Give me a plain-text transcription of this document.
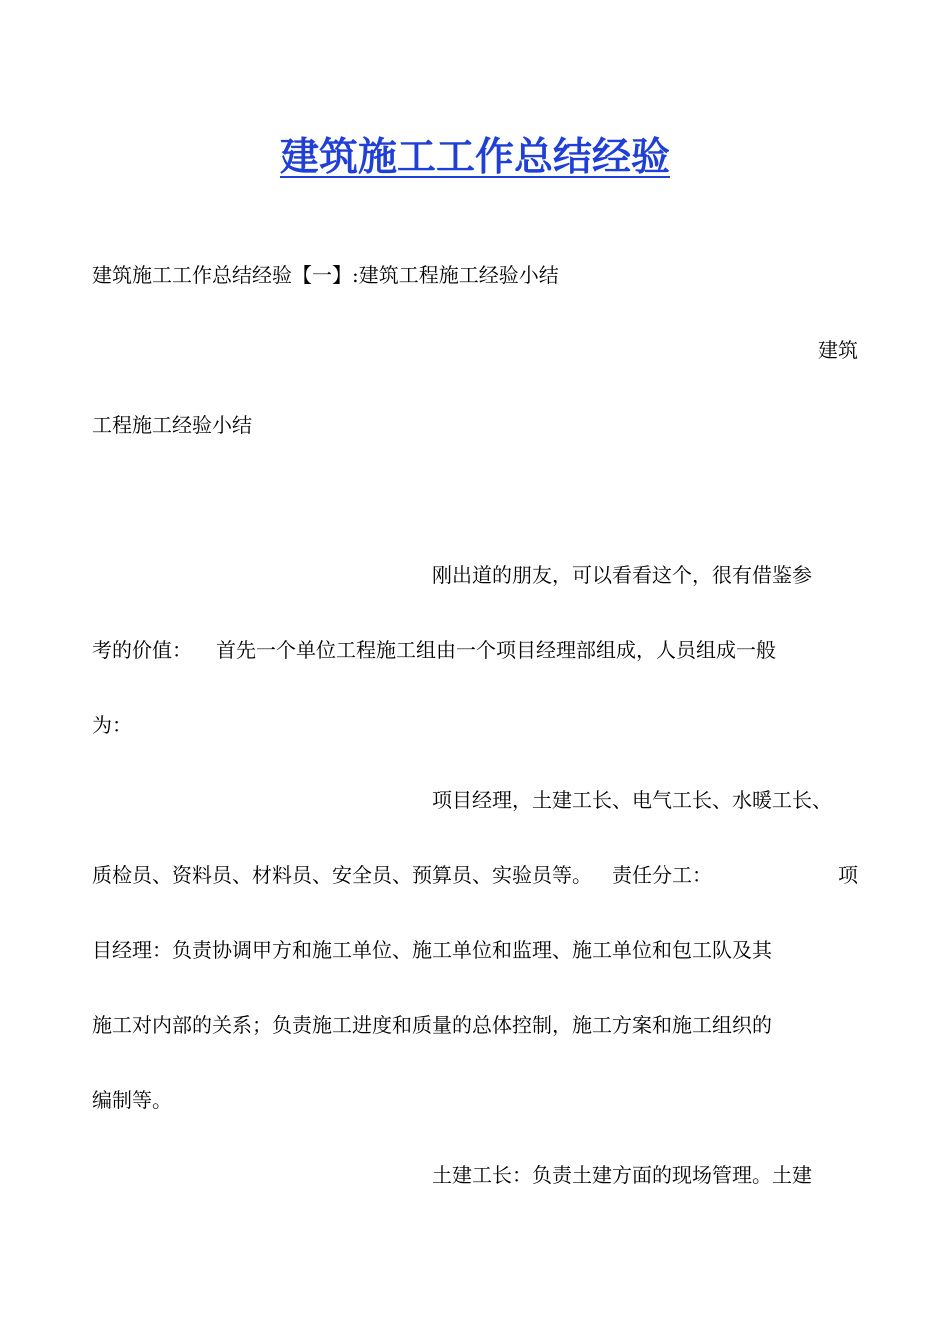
建筑施工工作总结经验
建筑施工工作总结经验【一】:建筑工程施工经验小结
建筑
工程施工经验小结
刚出道的朋友，可以看看这个，很有借鉴参
考的价值： 首先一个单位工程施工组由一个项目经理部组成，人员组成一般
为：
项目经理，土建工长、电气工长、水暖工长、
质检员、资料员、材料员、安全员、预算员、实验员等。 责任分工：	项
目经理：负责协调甲方和施工单位、施工单位和监理、施工单位和包工队及其
施工对内部的关系；负责施工进度和质量的总体控制，施工方案和施工组织的
编制等。
土建工长：负责土建方面的现场管理。土建
